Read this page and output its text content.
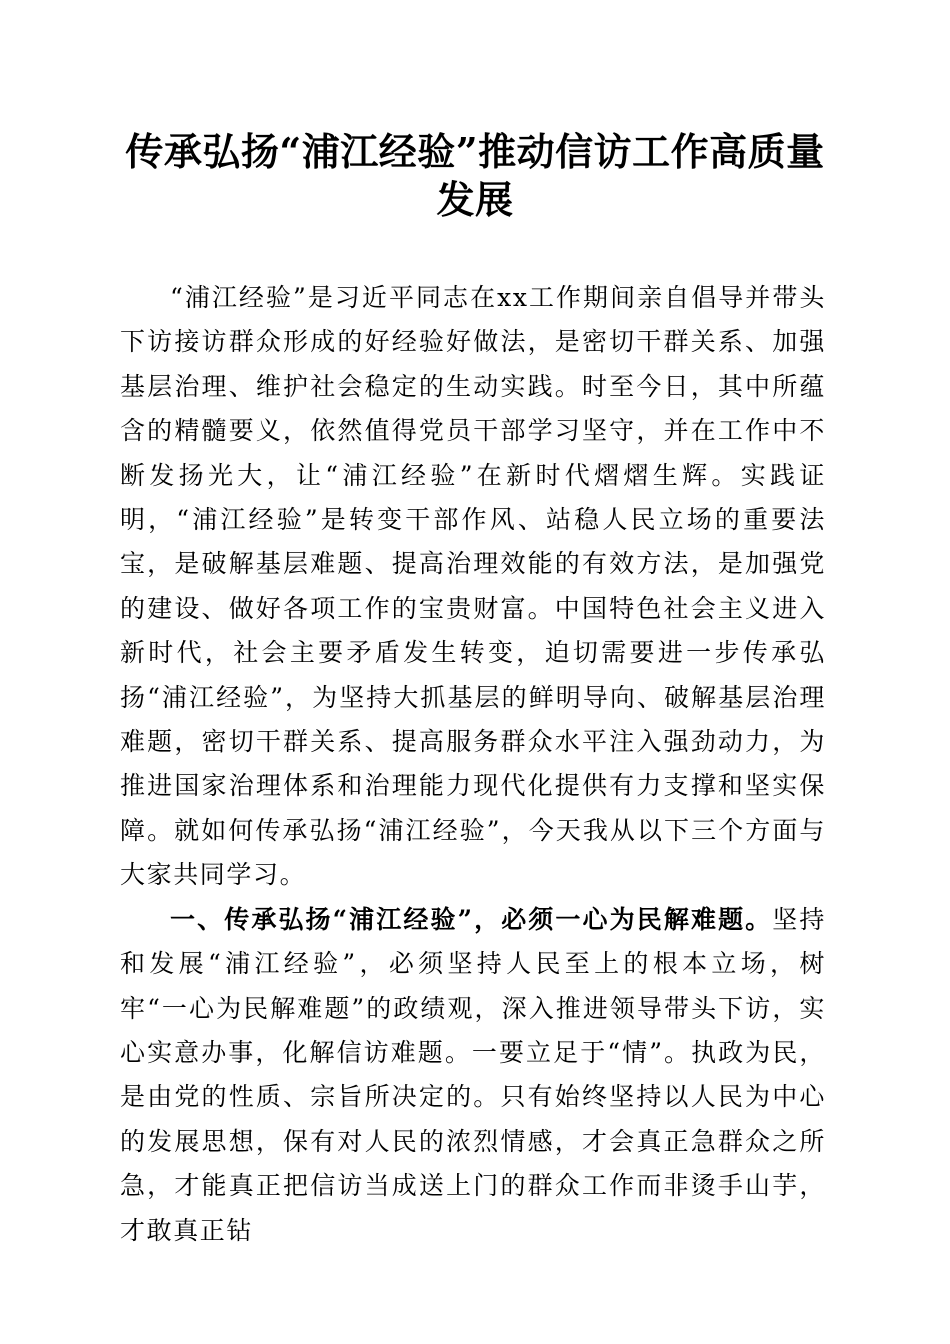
传承弘扬“浦江经验”推动信访工作高质量发展

“浦江经验”是习近平同志在xx工作期间亲自倡导并带头下访接访群众形成的好经验好做法，是密切干群关系、加强基层治理、维护社会稳定的生动实践。时至今日，其中所蕴含的精髓要义，依然值得党员干部学习坚守，并在工作中不断发扬光大，让“浦江经验”在新时代熠熠生辉。实践证明，“浦江经验”是转变干部作风、站稳人民立场的重要法宝，是破解基层难题、提高治理效能的有效方法，是加强党的建设、做好各项工作的宝贵财富。中国特色社会主义进入新时代，社会主要矛盾发生转变，迫切需要进一步传承弘扬“浦江经验”，为坚持大抓基层的鲜明导向、破解基层治理难题，密切干群关系、提高服务群众水平注入强劲动力，为推进国家治理体系和治理能力现代化提供有力支撑和坚实保障。就如何传承弘扬“浦江经验”，今天我从以下三个方面与大家共同学习。

一、传承弘扬“浦江经验”，必须一心为民解难题。坚持和发展“浦江经验”，必须坚持人民至上的根本立场，树牢“一心为民解难题”的政绩观，深入推进领导带头下访，实心实意办事，化解信访难题。一要立足于“情”。执政为民，是由党的性质、宗旨所决定的。只有始终坚持以人民为中心的发展思想，保有对人民的浓烈情感，才会真正急群众之所急，才能真正把信访当成送上门的群众工作而非烫手山芋，才敢真正钻
